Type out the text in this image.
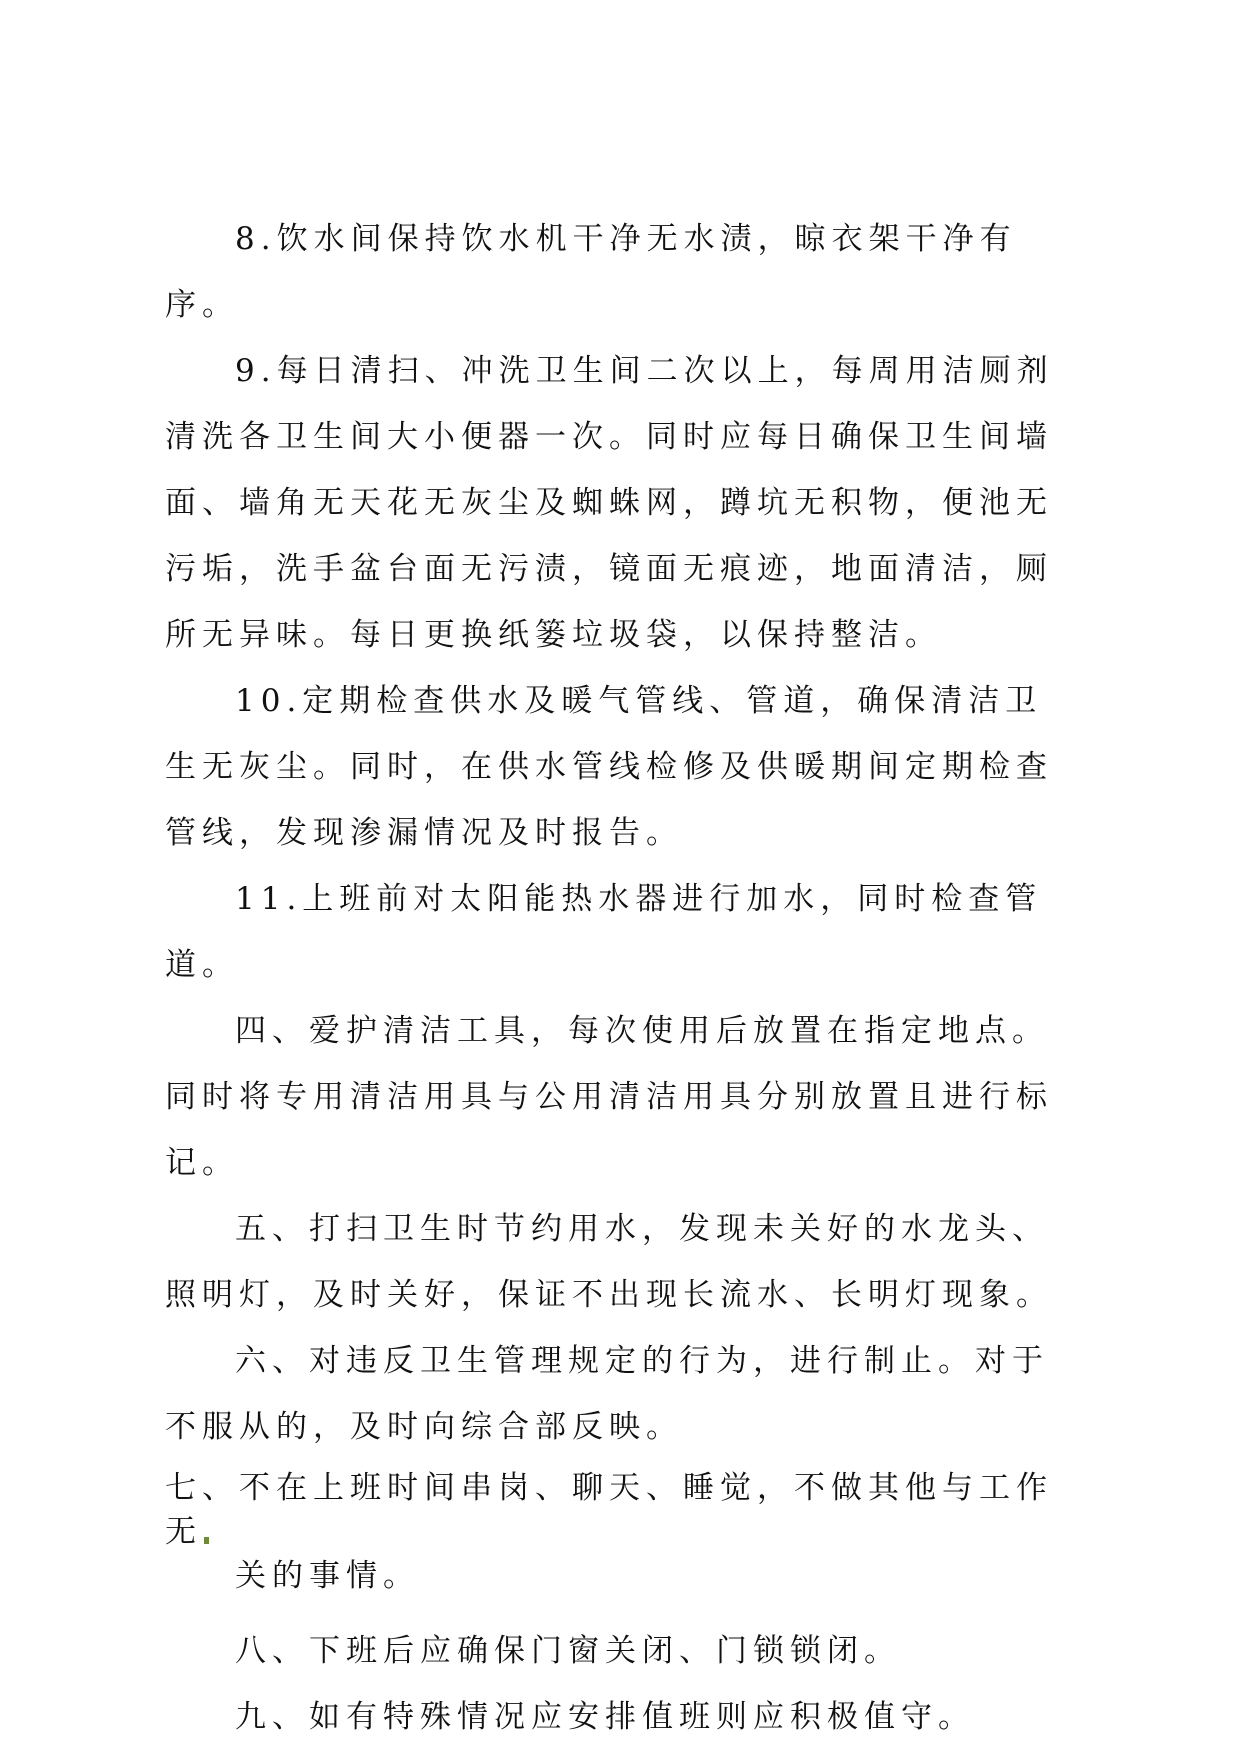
8.饮水间保持饮水机干净无水渍，晾衣架干净有序。

9.每日清扫、冲洗卫生间二次以上，每周用洁厕剂清洗各卫生间大小便器一次。同时应每日确保卫生间墙面、墙角无天花无灰尘及蜘蛛网，蹲坑无积物，便池无污垢，洗手盆台面无污渍，镜面无痕迹，地面清洁，厕所无异味。每日更换纸篓垃圾袋，以保持整洁。

10.定期检查供水及暖气管线、管道，确保清洁卫生无灰尘。同时，在供水管线检修及供暖期间定期检查管线，发现渗漏情况及时报告。

11.上班前对太阳能热水器进行加水，同时检查管道。

四、爱护清洁工具，每次使用后放置在指定地点。同时将专用清洁用具与公用清洁用具分别放置且进行标记。

五、打扫卫生时节约用水，发现未关好的水龙头、照明灯，及时关好，保证不出现长流水、长明灯现象。

六、对违反卫生管理规定的行为，进行制止。对于不服从的，及时向综合部反映。

七、不在上班时间串岗、聊天、睡觉，不做其他与工作无
关的事情。

八、下班后应确保门窗关闭、门锁锁闭。

九、如有特殊情况应安排值班则应积极值守。
